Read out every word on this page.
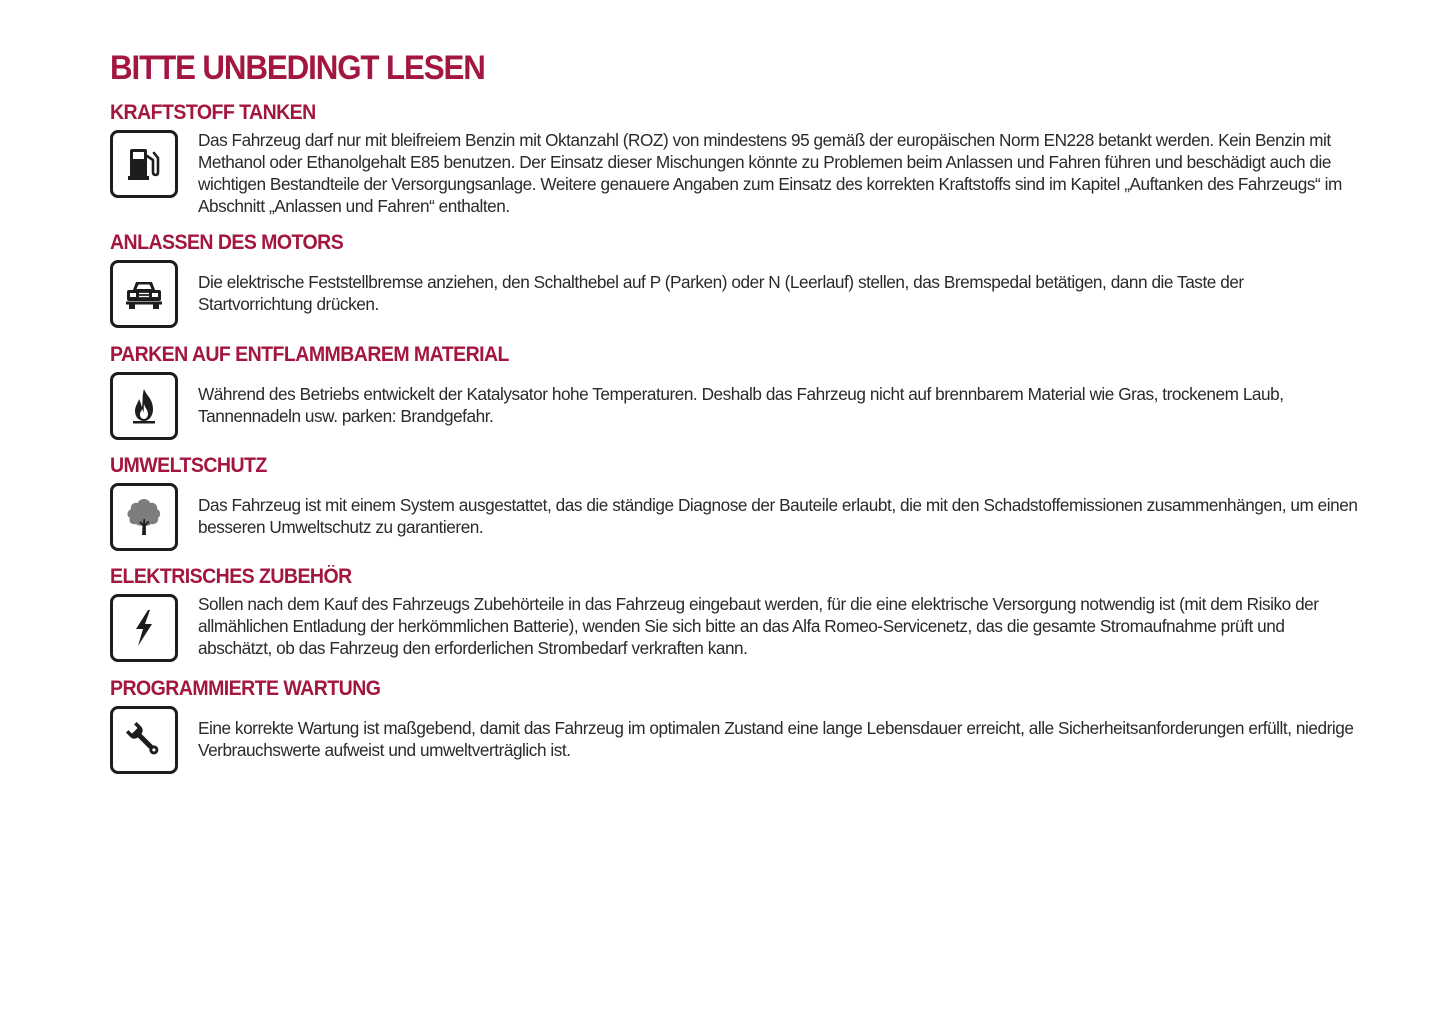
BITTE UNBEDINGT LESEN
KRAFTSTOFF TANKEN
Das Fahrzeug darf nur mit bleifreiem Benzin mit Oktanzahl (ROZ) von mindestens 95 gemäß der europäischen Norm EN228 betankt werden. Kein Benzin mit Methanol oder Ethanolgehalt E85 benutzen. Der Einsatz dieser Mischungen könnte zu Problemen beim Anlassen und Fahren führen und beschädigt auch die wichtigen Bestandteile der Versorgungsanlage. Weitere genauere Angaben zum Einsatz des korrekten Kraftstoffs sind im Kapitel „Auftanken des Fahrzeugs“ im Abschnitt „Anlassen und Fahren“ enthalten.
ANLASSEN DES MOTORS
Die elektrische Feststellbremse anziehen, den Schalthebel auf P (Parken) oder N (Leerlauf) stellen, das Bremspedal betätigen, dann die Taste der Startvorrichtung drücken.
PARKEN AUF ENTFLAMMBAREM MATERIAL
Während des Betriebs entwickelt der Katalysator hohe Temperaturen. Deshalb das Fahrzeug nicht auf brennbarem Material wie Gras, trockenem Laub, Tannennadeln usw. parken: Brandgefahr.
UMWELTSCHUTZ
Das Fahrzeug ist mit einem System ausgestattet, das die ständige Diagnose der Bauteile erlaubt, die mit den Schadstoffemissionen zusammenhängen, um einen besseren Umweltschutz zu garantieren.
ELEKTRISCHES ZUBEHÖR
Sollen nach dem Kauf des Fahrzeugs Zubehörteile in das Fahrzeug eingebaut werden, für die eine elektrische Versorgung notwendig ist (mit dem Risiko der allmählichen Entladung der herkömmlichen Batterie), wenden Sie sich bitte an das Alfa Romeo-Servicenetz, das die gesamte Stromaufnahme prüft und abschätzt, ob das Fahrzeug den erforderlichen Strombedarf verkraften kann.
PROGRAMMIERTE WARTUNG
Eine korrekte Wartung ist maßgebend, damit das Fahrzeug im optimalen Zustand eine lange Lebensdauer erreicht, alle Sicherheitsanforderungen erfüllt, niedrige Verbrauchswerte aufweist und umweltverträglich ist.
